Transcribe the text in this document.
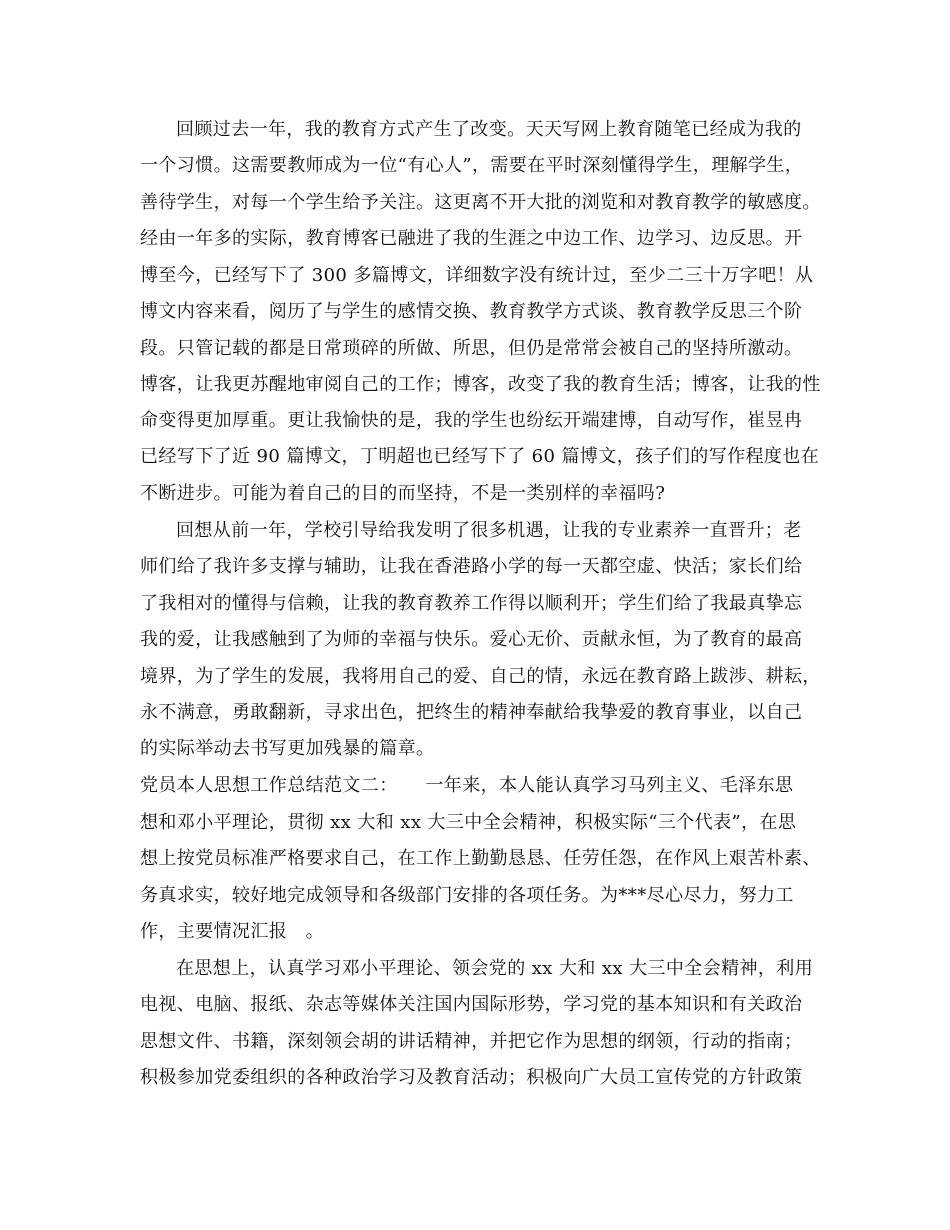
回顾过去一年，我的教育方式产生了改变。天天写网上教育随笔已经成为我的
一个习惯。这需要教师成为一位“有心人”，需要在平时深刻懂得学生，理解学生，
善待学生，对每一个学生给予关注。这更离不开大批的浏览和对教育教学的敏感度。
经由一年多的实际，教育博客已融进了我的生涯之中边工作、边学习、边反思。开
博至今，已经写下了 300 多篇博文，详细数字没有统计过，至少二三十万字吧！从
博文内容来看，阅历了与学生的感情交换、教育教学方式谈、教育教学反思三个阶
段。只管记载的都是日常琐碎的所做、所思，但仍是常常会被自己的坚持所激动。
博客，让我更苏醒地审阅自己的工作；博客，改变了我的教育生活；博客，让我的性
命变得更加厚重。更让我愉快的是，我的学生也纷纭开端建博，自动写作，崔昱冉
已经写下了近 90 篇博文，丁明超也已经写下了 60 篇博文，孩子们的写作程度也在
不断进步。可能为着自己的目的而坚持，不是一类别样的幸福吗?
回想从前一年，学校引导给我发明了很多机遇，让我的专业素养一直晋升；老
师们给了我许多支撑与辅助，让我在香港路小学的每一天都空虚、快活；家长们给
了我相对的懂得与信赖，让我的教育教养工作得以顺利开；学生们给了我最真挚忘
我的爱，让我感触到了为师的幸福与快乐。爱心无价、贡献永恒，为了教育的最高
境界，为了学生的发展，我将用自己的爱、自己的情，永远在教育路上跋涉、耕耘，
永不满意，勇敢翻新，寻求出色，把终生的精神奉献给我挚爱的教育事业，以自己
的实际举动去书写更加残暴的篇章。
党员本人思想工作总结范文二：　　一年来，本人能认真学习马列主义、毛泽东思
想和邓小平理论，贯彻 xx 大和 xx 大三中全会精神，积极实际“三个代表”，在思
想上按党员标准严格要求自己，在工作上勤勤恳恳、任劳任怨，在作风上艰苦朴素、
务真求实，较好地完成领导和各级部门安排的各项任务。为***尽心尽力，努力工
作，主要情况汇报　。
在思想上，认真学习邓小平理论、领会党的 xx 大和 xx 大三中全会精神，利用
电视、电脑、报纸、杂志等媒体关注国内国际形势，学习党的基本知识和有关政治
思想文件、书籍，深刻领会胡的讲话精神，并把它作为思想的纲领，行动的指南；
积极参加党委组织的各种政治学习及教育活动；积极向广大员工宣传党的方针政策
